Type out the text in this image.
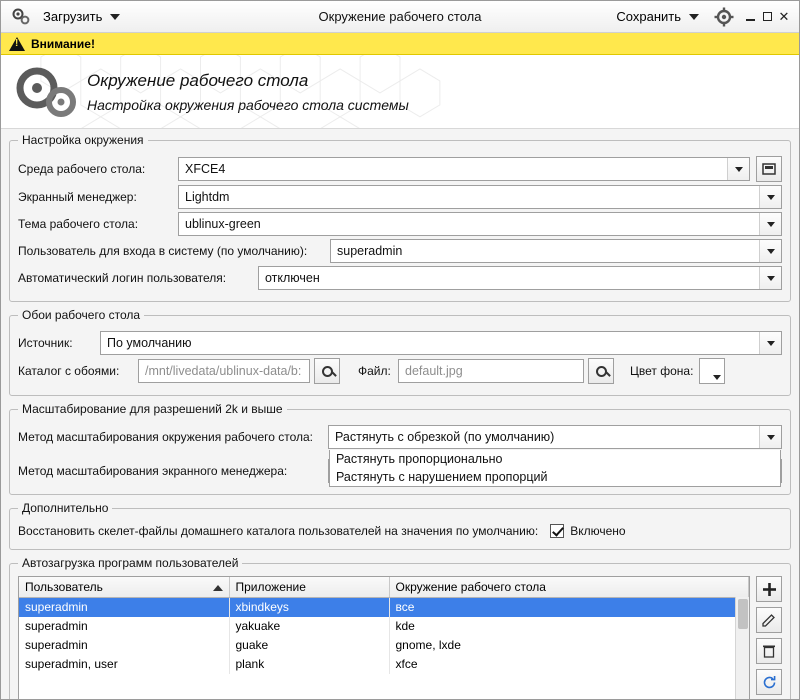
Загрузить	Окружение рабочего стола	Сохранить	✕
!
Внимание!
Окружение рабочего стола
Настройка окружения рабочего стола системы
Настройка окружения
Среда рабочего стола:	XFCE4
Экранный менеджер:	Lightdm
Тема рабочего стола:	ublinux-green
Пользователь для входа в систему (по умолчанию):	superadmin
Автоматический логин пользователя:	отключен
Обои рабочего стола
Источник:	По умолчанию
Каталог с обоями:	/mnt/livedata/ublinux-data/b:	Файл:	default.jpg	Цвет фона:
Масштабирование для разрешений 2k и выше
Метод масштабирования окружения рабочего стола:	Растянуть с обрезкой (по умолчанию)
Растянуть пропорционально
Растянуть с нарушением пропорций
Метод масштабирования экранного менеджера:
Дополнительно
Восстановить скелет-файлы домашнего каталога пользователей на значения по умолчанию:	Включено
Автозагрузка программ пользователей
Пользователь	Приложение	Окружение рабочего стола
superadmin	xbindkeys	все
superadmin	yakuake	kde
superadmin	guake	gnome, lxde
superadmin, user	plank	xfce
